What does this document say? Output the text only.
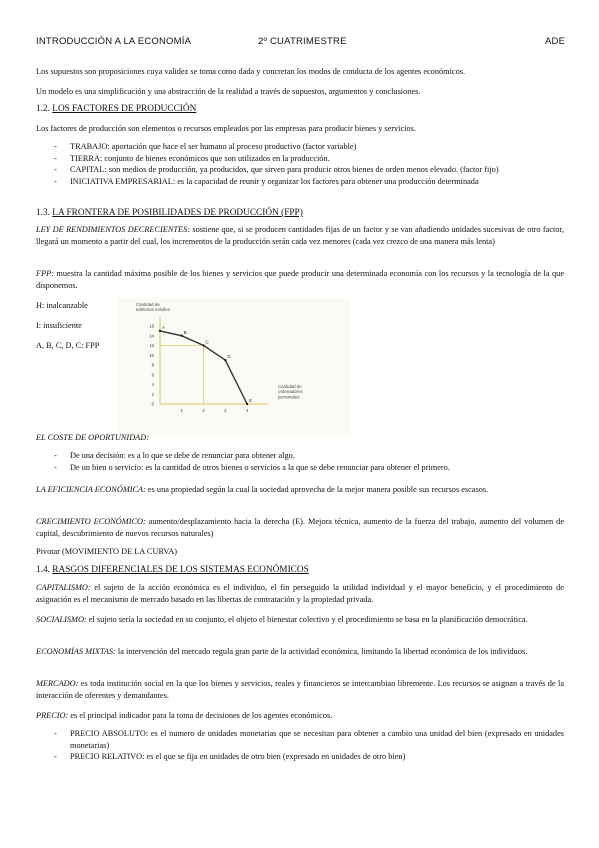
INTRODUCCIÓN A LA ECONOMÍA	2º CUATRIMESTRE	ADE
Los supuestos son proposiciones cuya validez se toma como dada y concretan los modos de conducta de los agentes económicos.
Un modelo es una simplificación y una abstracción de la realidad a través de supuestos, argumentos y conclusiones.
1.2. LOS FACTORES DE PRODUCCIÓN
Los factores de producción son elementos o recursos empleados por las empresas para producir bienes y servicios.
- TRABAJO: aportación que hace el ser humano al proceso productivo (factor variable)
- TIERRA: conjunto de bienes económicos que son utilizados en la producción.
- CAPITAL: son medios de producción, ya producidos, que sirven para producir otros bienes de orden menos elevado. (factor fijo)
- INICIATIVA EMPRESARIAL: es la capacidad de reunir y organizar los factores para obtener una producción determinada
1.3. LA FRONTERA DE POSIBILIDADES DE PRODUCCIÓN (FPP)
LEY DE RENDIMIENTOS DECRECIENTES: sostiene que, si se producen cantidades fijas de un factor y se van añadiendo unidades sucesivas de otro factor, llegará un momento a partir del cual, los incrementos de la producción serán cada vez menores (cada vez crezco de una manera más lenta)
FPP: muestra la cantidad máxima posible de los bienes y servicios que puede producir una determinada economía con los recursos y la tecnología de la que disponemos.
H: inalcanzable
I: insuficiente
A, B, C, D, C: FPP
Cantidad de teléfonos móviles
Cantidad de ordenadores personales
0
2
4
6
8
10
12
14
16
1	2	3	4
A
B
C
D
E
EL COSTE DE OPORTUNIDAD:
- De una decisión: es a lo que se debe de renunciar para obtener algo.
- De un bien o servicio: es la cantidad de otros bienes o servicios a la que se debe renunciar para obtener el primero.
LA EFICIENCIA ECONÓMICA: es una propiedad según la cual la sociedad aprovecha de la mejor manera posible sus recursos escasos.
CRECIMIENTO ECONÓMICO: aumento/desplazamiento hacia la derecha (E). Mejora técnica, aumento de la fuerza del trabajo, aumento del volumen de capital, descubrimiento de nuevos recursos naturales)
Pivotar (MOVIMIENTO DE LA CURVA)
1.4. RASGOS DIFERENCIALES DE LOS SISTEMAS ECONÓMICOS
CAPITALISMO: el sujeto de la acción económica es el individuo, el fin perseguido la utilidad individual y el mayor beneficio, y el procedimiento de asignación es el mecanismo de mercado basado en las libertas de contratación y la propiedad privada.
SOCIALISMO: el sujeto sería la sociedad en su conjunto, el objeto el bienestar colectivo y el procedimiento se basa en la planificación democrática.
ECONOMÍAS MIXTAS: la intervención del mercado regula gran parte de la actividad económica, limitando la libertad económica de los individuos.
MERCADO: es toda institución social en la que los bienes y servicios, reales y financieros se intercambian libremente. Los recursos se asignan a través de la interacción de oferentes y demandantes.
PRECIO: es el principal indicador para la toma de decisiones de los agentes económicos.
- PRECIO ABSOLUTO: es el numero de unidades monetarias que se necesitan para obtener a cambio una unidad del bien (expresado en unidades monetarias)
- PRECIO RELATIVO: es el que se fija en unidades de otro bien (expresado en unidades de otro bien)
